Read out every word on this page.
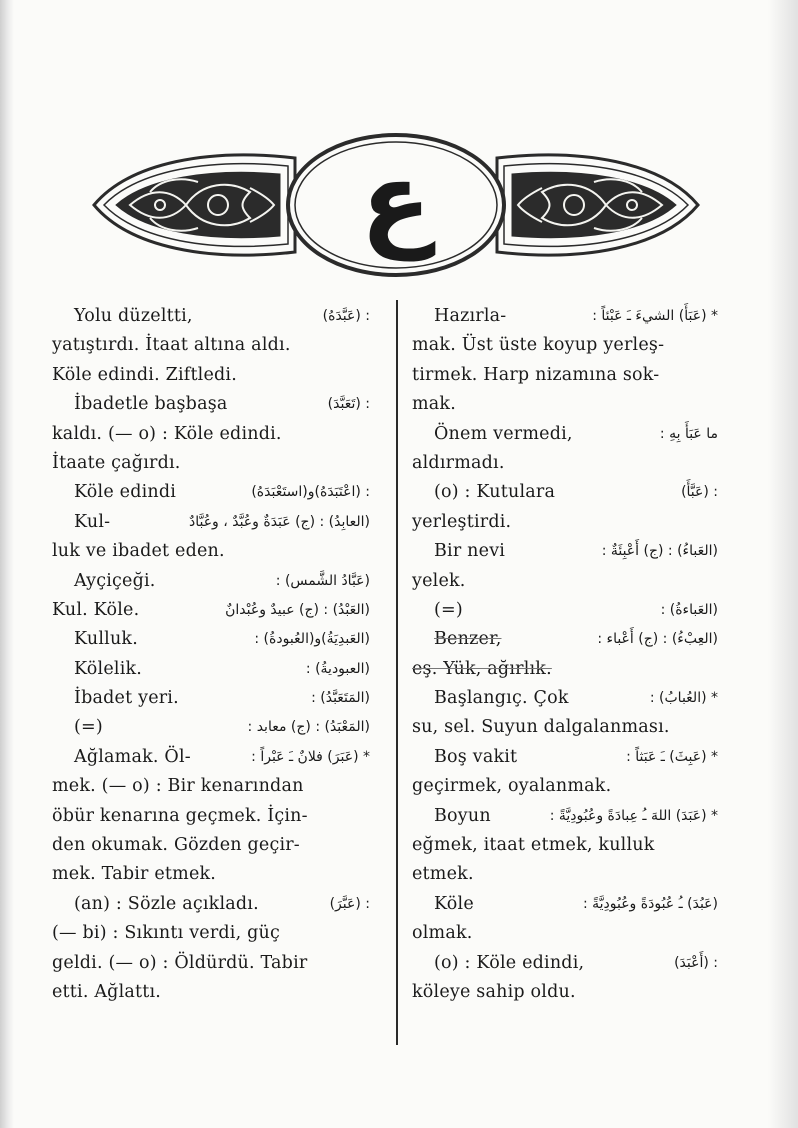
ع
Yolu düzeltti,	: (عَبَّدَهُ)
yatıştırdı. İtaat altına aldı.
Köle edindi. Ziftledi.
İbadetle başbaşa	: (تَعَبَّدَ)
kaldı. (— o) : Köle edindi.
İtaate çağırdı.
Köle edindi	: (اعْتَبَدَهُ)و(استَعْبَدَهُ)
Kul-	(العابِدُ) : (ج) عَبَدَةٌ وعُبَّدٌ ، وعُبَّادٌ
luk ve ibadet eden.
Ayçiçeği.	(عَبَّادُ الشَّمس) :
Kul. Köle.	(العَبْدُ) : (ج) عبيدٌ وعُبْدانٌ
Kulluk.	(العَبدِيَةُ)و(العُبودةُ) :
Kölelik.	(العبوديةُ) :
İbadet yeri.	(المَتَعَبَّدُ) :
(=)	(المَعْبَدُ) : (ج) معابد :
Ağlamak. Öl-	* (عَبَرَ) فلانٌ ـَ عَبْراً :
mek. (— o) : Bir kenarından
öbür kenarına geçmek. İçin-
den okumak. Gözden geçir-
mek. Tabir etmek.
(an) : Sözle açıkladı.	: (عَبَّرَ)
(— bi) : Sıkıntı verdi, güç
geldi. (— o) : Öldürdü. Tabir
etti. Ağlattı.
Hazırla-	* (عَبَأَ) الشيءَ ـَ عَبْئاً :
mak. Üst üste koyup yerleş-
tirmek. Harp nizamına sok-
mak.
Önem vermedi,	ما عَبَأَ بِهِ :
aldırmadı.
(o) : Kutulara	: (عَبَّأَ)
yerleştirdi.
Bir nevi	(العَباءُ) : (ج) أَعْبِئَةٌ :
yelek.
(=)	(العَباءةُ) :
Benzer,	(العِبْءُ) : (ج) أَعْباء :
eş. Yük, ağırlık.
Başlangıç. Çok	* (العُبابُ) :
su, sel. Suyun dalgalanması.
Boş vakit	* (عَبِثَ) ـَ عَبَثاً :
geçirmek, oyalanmak.
Boyun	* (عَبَدَ) اللهَ ـُ عِبادَةً وعُبُودِيَّةً :
eğmek, itaat etmek, kulluk
etmek.
Köle	(عَبُدَ) ـُ عُبُودَةً وعُبُودِيَّةً :
olmak.
(o) : Köle edindi,	: (أَعْبَدَ)
köleye sahip oldu.
